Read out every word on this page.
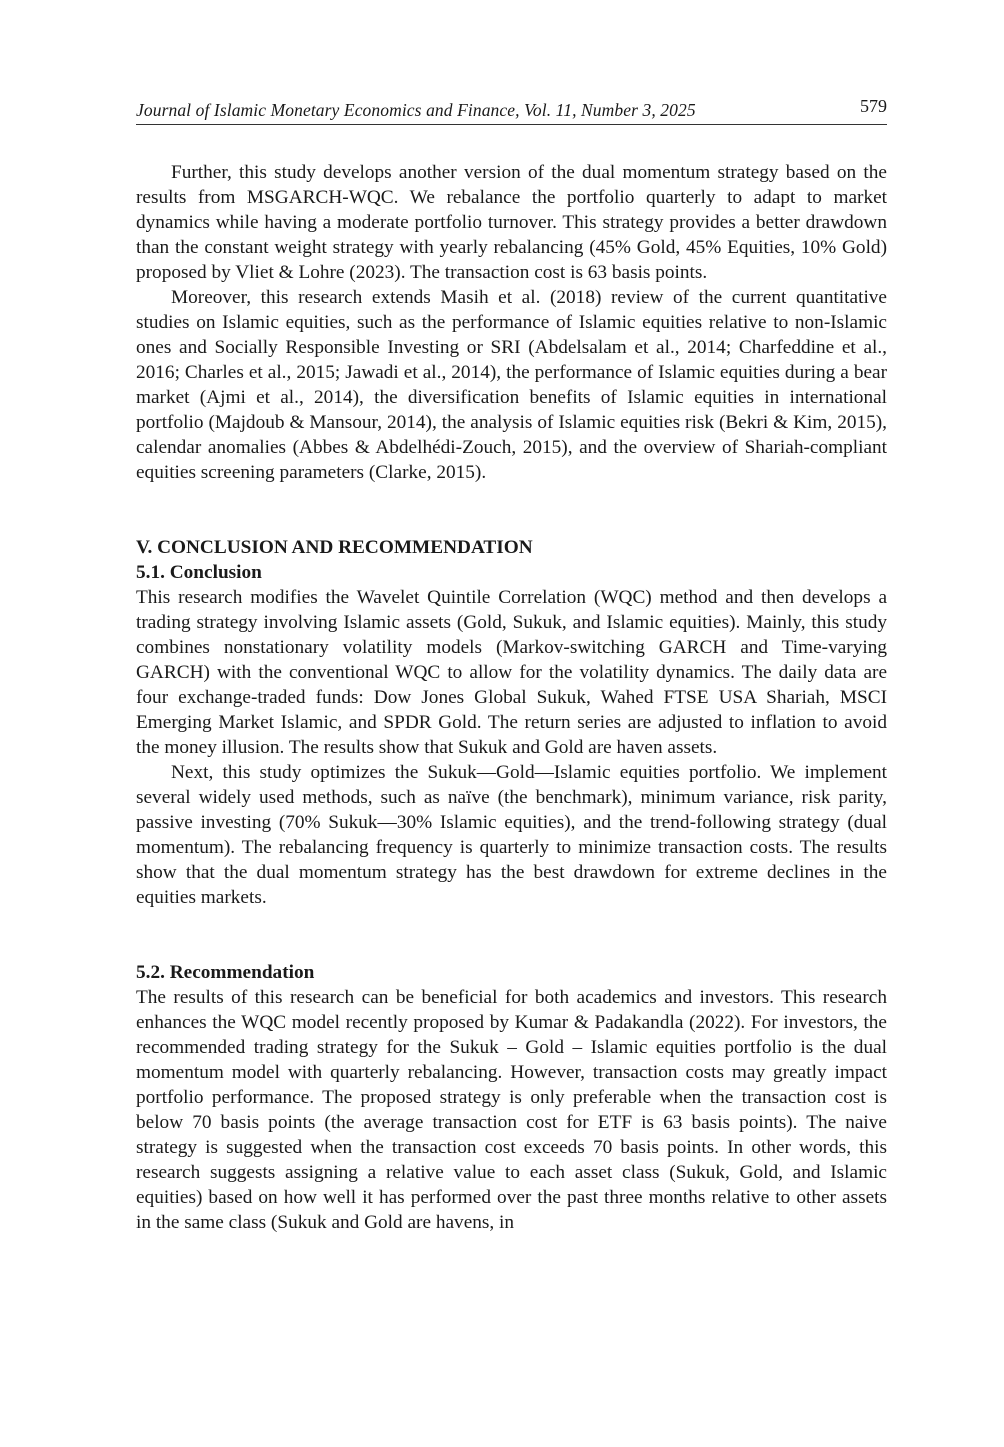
Journal of Islamic Monetary Economics and Finance, Vol. 11, Number 3, 2025	579

Further, this study develops another version of the dual momentum strategy based on the results from MSGARCH-WQC. We rebalance the portfolio quarterly to adapt to market dynamics while having a moderate portfolio turnover. This strategy provides a better drawdown than the constant weight strategy with yearly rebalancing (45% Gold, 45% Equities, 10% Gold) proposed by Vliet & Lohre (2023). The transaction cost is 63 basis points.

Moreover, this research extends Masih et al. (2018) review of the current quantitative studies on Islamic equities, such as the performance of Islamic equities relative to non-Islamic ones and Socially Responsible Investing or SRI (Abdelsalam et al., 2014; Charfeddine et al., 2016; Charles et al., 2015; Jawadi et al., 2014), the performance of Islamic equities during a bear market (Ajmi et al., 2014), the diversification benefits of Islamic equities in international portfolio (Majdoub & Mansour, 2014), the analysis of Islamic equities risk (Bekri & Kim, 2015), calendar anomalies (Abbes & Abdelhédi-Zouch, 2015), and the overview of Shariah-compliant equities screening parameters (Clarke, 2015).

V. CONCLUSION AND RECOMMENDATION

5.1. Conclusion

This research modifies the Wavelet Quintile Correlation (WQC) method and then develops a trading strategy involving Islamic assets (Gold, Sukuk, and Islamic equities). Mainly, this study combines nonstationary volatility models (Markov-switching GARCH and Time-varying GARCH) with the conventional WQC to allow for the volatility dynamics. The daily data are four exchange-traded funds: Dow Jones Global Sukuk, Wahed FTSE USA Shariah, MSCI Emerging Market Islamic, and SPDR Gold. The return series are adjusted to inflation to avoid the money illusion. The results show that Sukuk and Gold are haven assets.

Next, this study optimizes the Sukuk—Gold—Islamic equities portfolio. We implement several widely used methods, such as naïve (the benchmark), minimum variance, risk parity, passive investing (70% Sukuk—30% Islamic equities), and the trend-following strategy (dual momentum). The rebalancing frequency is quarterly to minimize transaction costs. The results show that the dual momentum strategy has the best drawdown for extreme declines in the equities markets.

5.2. Recommendation

The results of this research can be beneficial for both academics and investors. This research enhances the WQC model recently proposed by Kumar & Padakandla (2022). For investors, the recommended trading strategy for the Sukuk – Gold – Islamic equities portfolio is the dual momentum model with quarterly rebalancing. However, transaction costs may greatly impact portfolio performance. The proposed strategy is only preferable when the transaction cost is below 70 basis points (the average transaction cost for ETF is 63 basis points). The naive strategy is suggested when the transaction cost exceeds 70 basis points. In other words, this research suggests assigning a relative value to each asset class (Sukuk, Gold, and Islamic equities) based on how well it has performed over the past three months relative to other assets in the same class (Sukuk and Gold are havens, in
